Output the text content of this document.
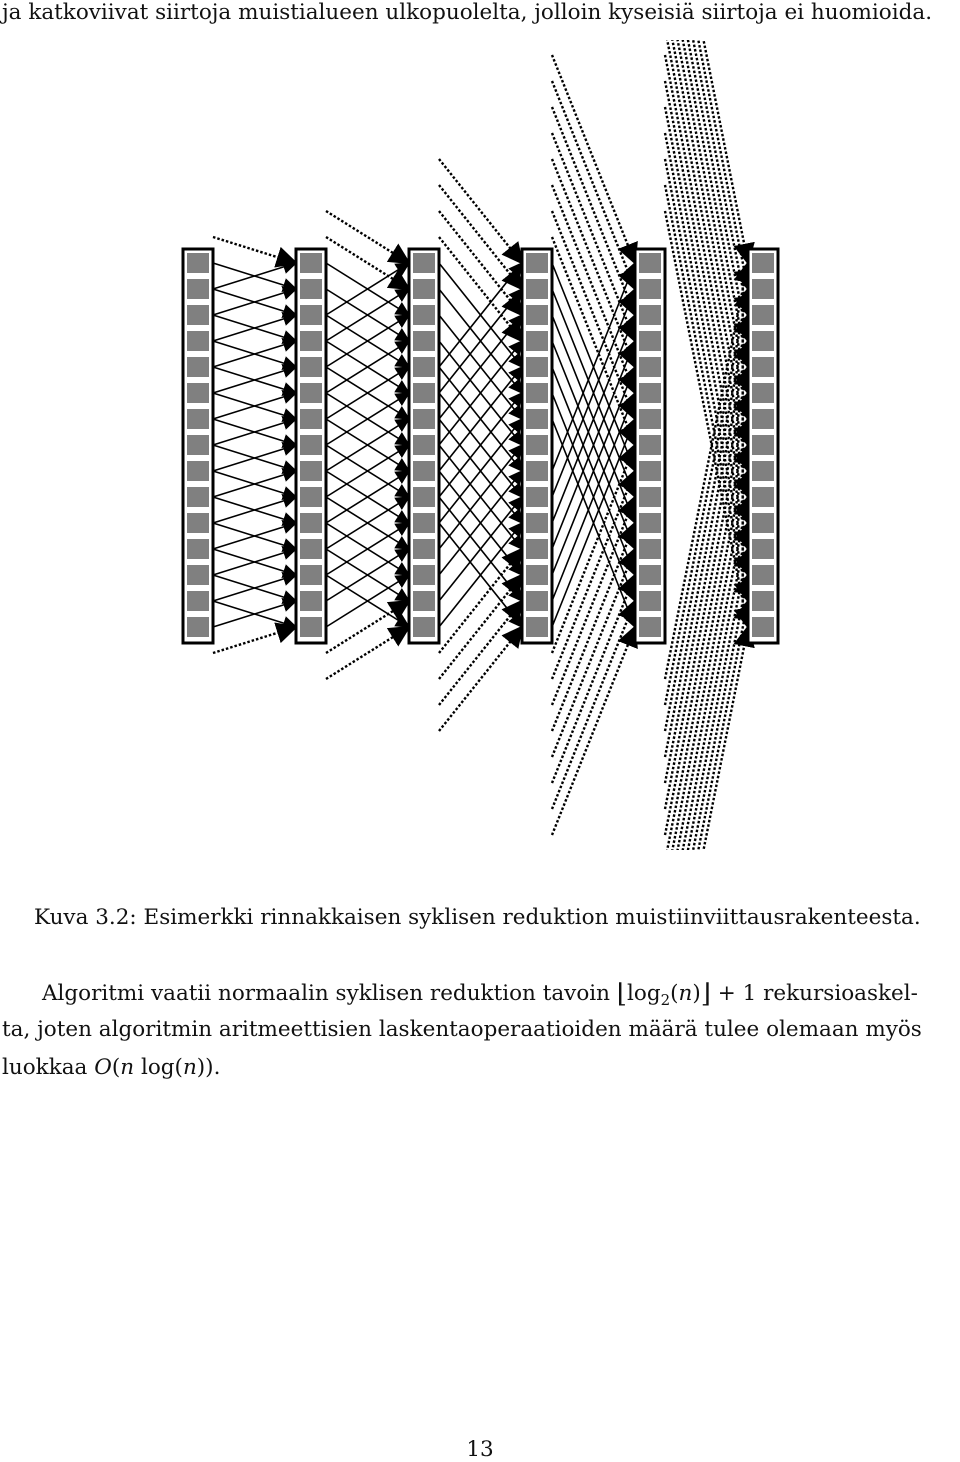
ja katkoviivat siirtoja muistialueen ulkopuolelta, jolloin kyseisiä siirtoja ei huomioida.
Kuva 3.2: Esimerkki rinnakkaisen syklisen reduktion muistiinviittausrakenteesta.
Algoritmi vaatii normaalin syklisen reduktion tavoin $⌊\log_2(n)⌋ + 1$ rekursioaskel-
ta, joten algoritmin aritmeettisien laskentaoperaatioiden määrä tulee olemaan myös
luokkaa O(n log(n)).
13
